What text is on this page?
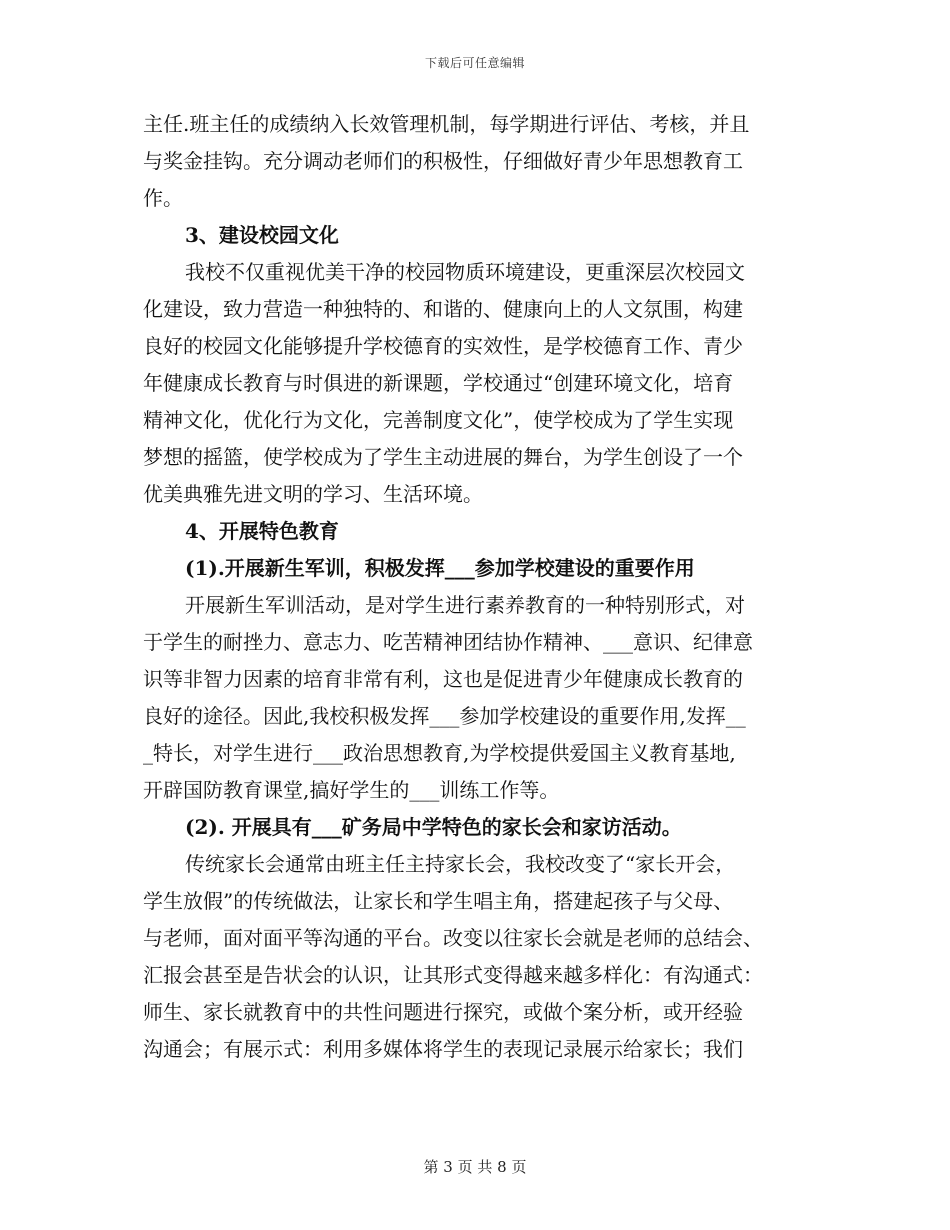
下载后可任意编辑
主任.班主任的成绩纳入长效管理机制，每学期进行评估、考核，并且
与奖金挂钩。充分调动老师们的积极性，仔细做好青少年思想教育工
作。
3、建设校园文化
我校不仅重视优美干净的校园物质环境建设，更重深层次校园文
化建设，致力营造一种独特的、和谐的、健康向上的人文氛围，构建
良好的校园文化能够提升学校德育的实效性，是学校德育工作、青少
年健康成长教育与时俱进的新课题，学校通过“创建环境文化，培育
精神文化，优化行为文化，完善制度文化”，使学校成为了学生实现
梦想的摇篮，使学校成为了学生主动进展的舞台，为学生创设了一个
优美典雅先进文明的学习、生活环境。
4、开展特色教育
(1).开展新生军训，积极发挥___参加学校建设的重要作用
开展新生军训活动，是对学生进行素养教育的一种特别形式，对
于学生的耐挫力、意志力、吃苦精神团结协作精神、___意识、纪律意
识等非智力因素的培育非常有利，这也是促进青少年健康成长教育的
良好的途径。因此,我校积极发挥___参加学校建设的重要作用,发挥__
_特长，对学生进行___政治思想教育,为学校提供爱国主义教育基地,
开辟国防教育课堂,搞好学生的___训练工作等。
(2). 开展具有___矿务局中学特色的家长会和家访活动。
传统家长会通常由班主任主持家长会，我校改变了“家长开会，
学生放假”的传统做法，让家长和学生唱主角，搭建起孩子与父母、
与老师，面对面平等沟通的平台。改变以往家长会就是老师的总结会、
汇报会甚至是告状会的认识，让其形式变得越来越多样化：有沟通式：
师生、家长就教育中的共性问题进行探究，或做个案分析，或开经验
沟通会；有展示式：利用多媒体将学生的表现记录展示给家长；我们
第 3 页 共 8 页
